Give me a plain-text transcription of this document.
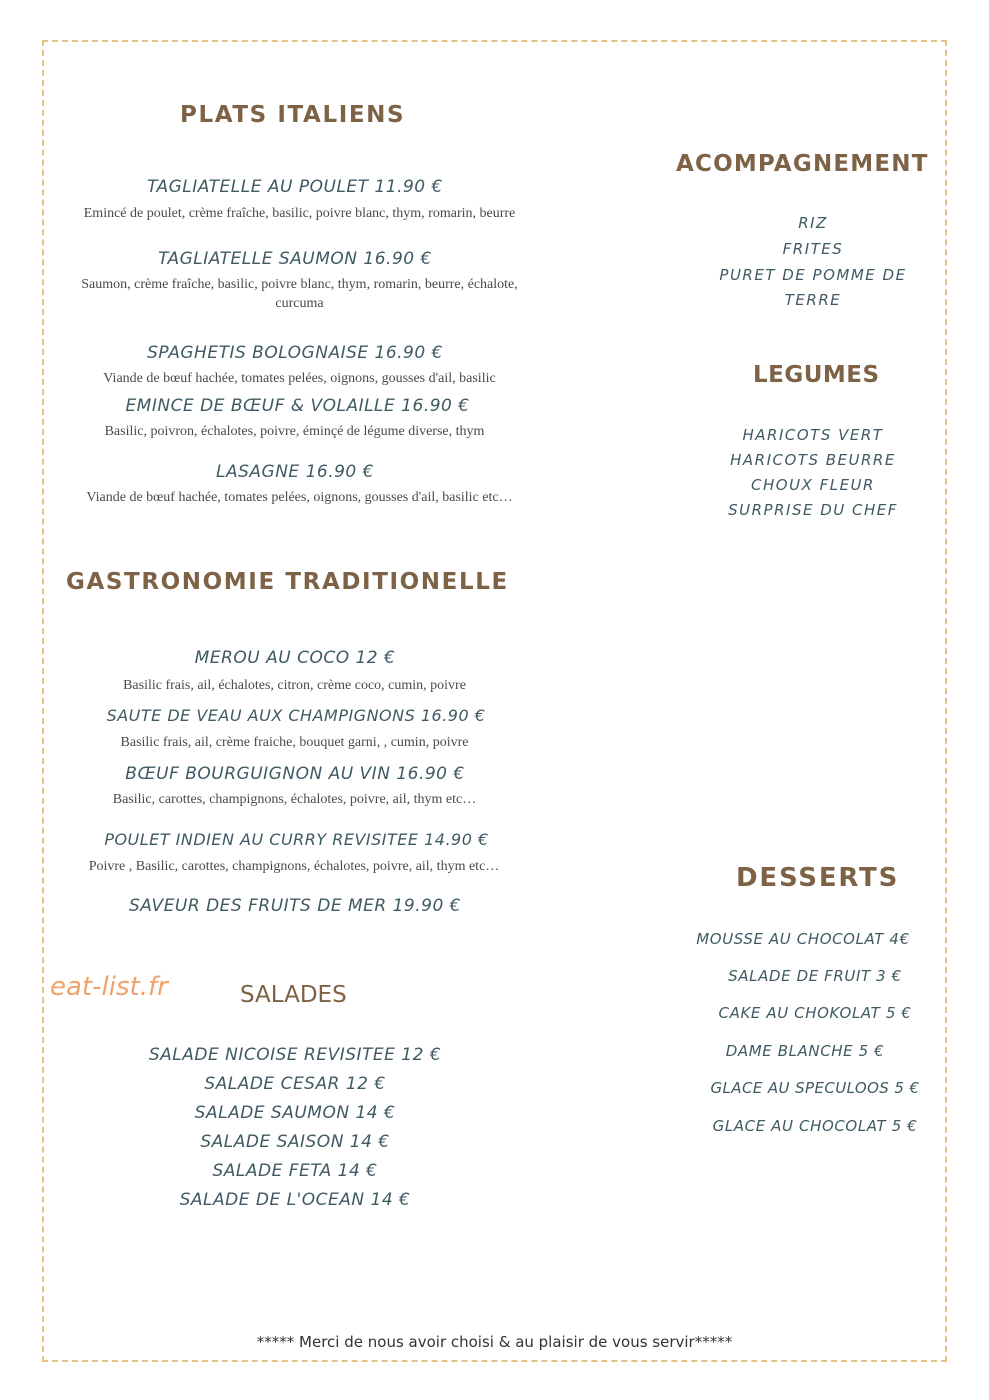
PLATS ITALIENS
TAGLIATELLE AU POULET 11.90 €
Emincé de poulet, crème fraîche, basilic, poivre blanc, thym, romarin, beurre
TAGLIATELLE SAUMON 16.90 €
Saumon, crème fraîche, basilic, poivre blanc, thym, romarin, beurre, échalote, curcuma
SPAGHETIS BOLOGNAISE 16.90 €
Viande de bœuf hachée, tomates pelées, oignons, gousses d'ail, basilic
EMINCE DE BŒUF & VOLAILLE 16.90 €
Basilic, poivron, échalotes, poivre, éminçé de légume diverse, thym
LASAGNE 16.90 €
Viande de bœuf hachée, tomates pelées, oignons, gousses d'ail, basilic etc…
GASTRONOMIE TRADITIONELLE
MEROU AU COCO 12 €
Basilic frais, ail, échalotes, citron, crème coco, cumin, poivre
SAUTE DE VEAU AUX CHAMPIGNONS 16.90 €
Basilic frais, ail, crème fraiche, bouquet garni, , cumin, poivre
BŒUF BOURGUIGNON AU VIN 16.90 €
Basilic, carottes, champignons, échalotes, poivre, ail, thym etc…
POULET INDIEN AU CURRY REVISITEE 14.90 €
Poivre , Basilic, carottes, champignons, échalotes, poivre, ail, thym etc…
SAVEUR DES FRUITS DE MER 19.90 €
eat-list.fr	SALADES
SALADE NICOISE REVISITEE 12 €
SALADE CESAR 12 €
SALADE SAUMON 14 €
SALADE SAISON 14 €
SALADE FETA 14 €
SALADE DE L'OCEAN 14 €
ACOMPAGNEMENT
RIZ
FRITES
PURET DE POMME DE
TERRE
LEGUMES
HARICOTS VERT
HARICOTS BEURRE
CHOUX FLEUR
SURPRISE DU CHEF
DESSERTS
MOUSSE AU CHOCOLAT 4€
SALADE DE FRUIT 3 €
CAKE AU CHOKOLAT 5 €
DAME BLANCHE 5 €
GLACE AU SPECULOOS 5 €
GLACE AU CHOCOLAT 5 €
***** Merci de nous avoir choisi & au plaisir de vous servir*****
